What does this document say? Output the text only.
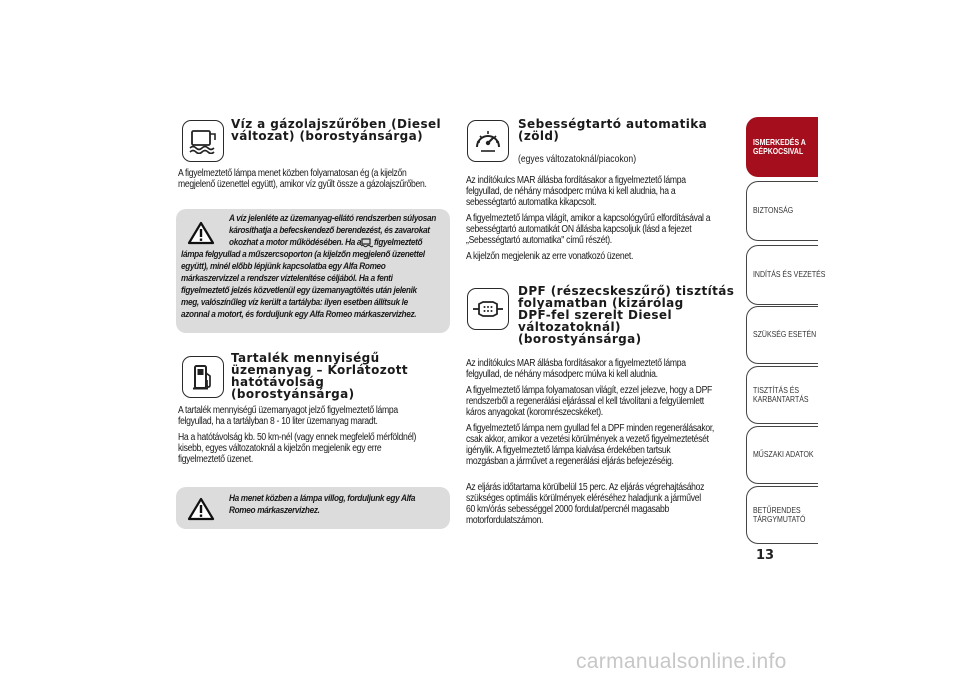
Víz a gázolajszűrőben (Diesel

változat) (borostyánsárga)

A figyelmeztető lámpa menet közben folyamatosan ég (a kijelzőn

megjelenő üzenettel együtt), amikor víz gyűlt össze a gázolajszűrőben.

A víz jelenléte az üzemanyag-ellátó rendszerben súlyosan

károsíthatja a befecskendező berendezést, és zavarokat

okozhat a motor működésében. Ha a figyelmeztető

lámpa felgyullad a műszercsoporton (a kijelzőn megjelenő üzenettel

együtt), minél előbb lépjünk kapcsolatba egy Alfa Romeo

márkaszervizzel a rendszer víztelenítése céljából. Ha a fenti

figyelmeztető jelzés közvetlenül egy üzemanyagtöltés után jelenik

meg, valószínűleg víz került a tartályba: ilyen esetben állítsuk le

azonnal a motort, és forduljunk egy Alfa Romeo márkaszervizhez.

Tartalék mennyiségű

üzemanyag – Korlátozott

hatótávolság

(borostyánsárga)

A tartalék mennyiségű üzemanyagot jelző figyelmeztető lámpa

felgyullad, ha a tartályban 8 - 10 liter üzemanyag maradt.

Ha a hatótávolság kb. 50 km-nél (vagy ennek megfelelő mérföldnél)

kisebb, egyes változatoknál a kijelzőn megjelenik egy erre

figyelmeztető üzenet.

Ha menet közben a lámpa villog, forduljunk egy Alfa

Romeo márkaszervizhez.

Sebességtartó automatika

(zöld)

(egyes változatoknál/piacokon)

Az indítókulcs MAR állásba fordításakor a figyelmeztető lámpa

felgyullad, de néhány másodperc múlva ki kell aludnia, ha a

sebességtartó automatika kikapcsolt.

A figyelmeztető lámpa világít, amikor a kapcsológyűrű elfordításával a

sebességtartó automatikát ON állásba kapcsoljuk (lásd a fejezet

„Sebességtartó automatika" című részét).

A kijelzőn megjelenik az erre vonatkozó üzenet.

DPF (részecskeszűrő) tisztítás

folyamatban (kizárólag

DPF-fel szerelt Diesel

változatoknál)

(borostyánsárga)

Az indítókulcs MAR állásba fordításakor a figyelmeztető lámpa

felgyullad, de néhány másodperc múlva ki kell aludnia.

A figyelmeztető lámpa folyamatosan világít, ezzel jelezve, hogy a DPF

rendszerből a regenerálási eljárással el kell távolítani a felgyülemlett

káros anyagokat (koromrészecskéket).

A figyelmeztető lámpa nem gyullad fel a DPF minden regenerálásakor,

csak akkor, amikor a vezetési körülmények a vezető figyelmeztetését

igénylik. A figyelmeztető lámpa kialvása érdekében tartsuk

mozgásban a járművet a regenerálási eljárás befejezéséig.

Az eljárás időtartama körülbelül 15 perc. Az eljárás végrehajtásához

szükséges optimális körülmények eléréséhez haladjunk a járművel

60 km/órás sebességgel 2000 fordulat/percnél magasabb

motorfordulatszámon.

ISMERKEDÉS A
GÉPKOCSIVAL
BIZTONSÁG
INDÍTÁS ÉS VEZETÉS
SZÜKSÉG ESETÉN
TISZTÍTÁS ÉS
KARBANTARTÁS
MŰSZAKI ADATOK
BETŰRENDES
TÁRGYMUTATÓ
13
carmanualsonline.info
